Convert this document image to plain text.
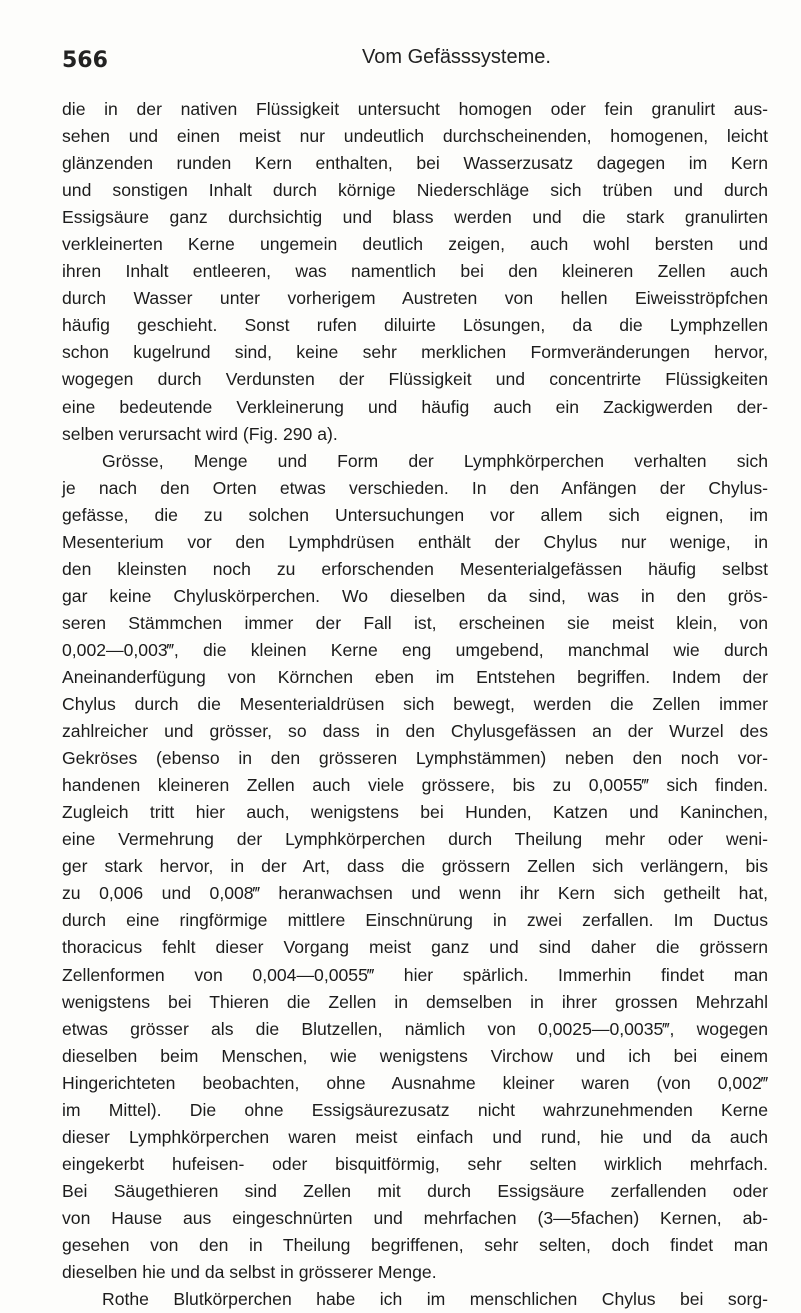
566	Vom Gefässsysteme.
die in der nativen Flüssigkeit untersucht homogen oder fein granulirt aus-
sehen und einen meist nur undeutlich durchscheinenden, homogenen, leicht
glänzenden runden Kern enthalten, bei Wasserzusatz dagegen im Kern
und sonstigen Inhalt durch körnige Niederschläge sich trüben und durch
Essigsäure ganz durchsichtig und blass werden und die stark granulirten
verkleinerten Kerne ungemein deutlich zeigen, auch wohl bersten und
ihren Inhalt entleeren, was namentlich bei den kleineren Zellen auch
durch Wasser unter vorherigem Austreten von hellen Eiweisströpfchen
häufig geschieht. Sonst rufen diluirte Lösungen, da die Lymphzellen
schon kugelrund sind, keine sehr merklichen Formveränderungen hervor,
wogegen durch Verdunsten der Flüssigkeit und concentrirte Flüssigkeiten
eine bedeutende Verkleinerung und häufig auch ein Zackigwerden der-
selben verursacht wird (Fig. 290 a).
Grösse, Menge und Form der Lymphkörperchen verhalten sich
je nach den Orten etwas verschieden. In den Anfängen der Chylus-
gefässe, die zu solchen Untersuchungen vor allem sich eignen, im
Mesenterium vor den Lymphdrüsen enthält der Chylus nur wenige, in
den kleinsten noch zu erforschenden Mesenterialgefässen häufig selbst
gar keine Chyluskörperchen. Wo dieselben da sind, was in den grös-
seren Stämmchen immer der Fall ist, erscheinen sie meist klein, von
0,002—0,003‴, die kleinen Kerne eng umgebend, manchmal wie durch
Aneinanderfügung von Körnchen eben im Entstehen begriffen. Indem der
Chylus durch die Mesenterialdrüsen sich bewegt, werden die Zellen immer
zahlreicher und grösser, so dass in den Chylusgefässen an der Wurzel des
Gekröses (ebenso in den grösseren Lymphstämmen) neben den noch vor-
handenen kleineren Zellen auch viele grössere, bis zu 0,0055‴ sich finden.
Zugleich tritt hier auch, wenigstens bei Hunden, Katzen und Kaninchen,
eine Vermehrung der Lymphkörperchen durch Theilung mehr oder weni-
ger stark hervor, in der Art, dass die grössern Zellen sich verlängern, bis
zu 0,006 und 0,008‴ heranwachsen und wenn ihr Kern sich getheilt hat,
durch eine ringförmige mittlere Einschnürung in zwei zerfallen. Im Ductus
thoracicus fehlt dieser Vorgang meist ganz und sind daher die grössern
Zellenformen von 0,004—0,0055‴ hier spärlich. Immerhin findet man
wenigstens bei Thieren die Zellen in demselben in ihrer grossen Mehrzahl
etwas grösser als die Blutzellen, nämlich von 0,0025—0,0035‴, wogegen
dieselben beim Menschen, wie wenigstens Virchow und ich bei einem
Hingerichteten beobachten, ohne Ausnahme kleiner waren (von 0,002‴
im Mittel). Die ohne Essigsäurezusatz nicht wahrzunehmenden Kerne
dieser Lymphkörperchen waren meist einfach und rund, hie und da auch
eingekerbt hufeisen- oder bisquitförmig, sehr selten wirklich mehrfach.
Bei Säugethieren sind Zellen mit durch Essigsäure zerfallenden oder
von Hause aus eingeschnürten und mehrfachen (3—5fachen) Kernen, ab-
gesehen von den in Theilung begriffenen, sehr selten, doch findet man
dieselben hie und da selbst in grösserer Menge.
Rothe Blutkörperchen habe ich im menschlichen Chylus bei sorg-
